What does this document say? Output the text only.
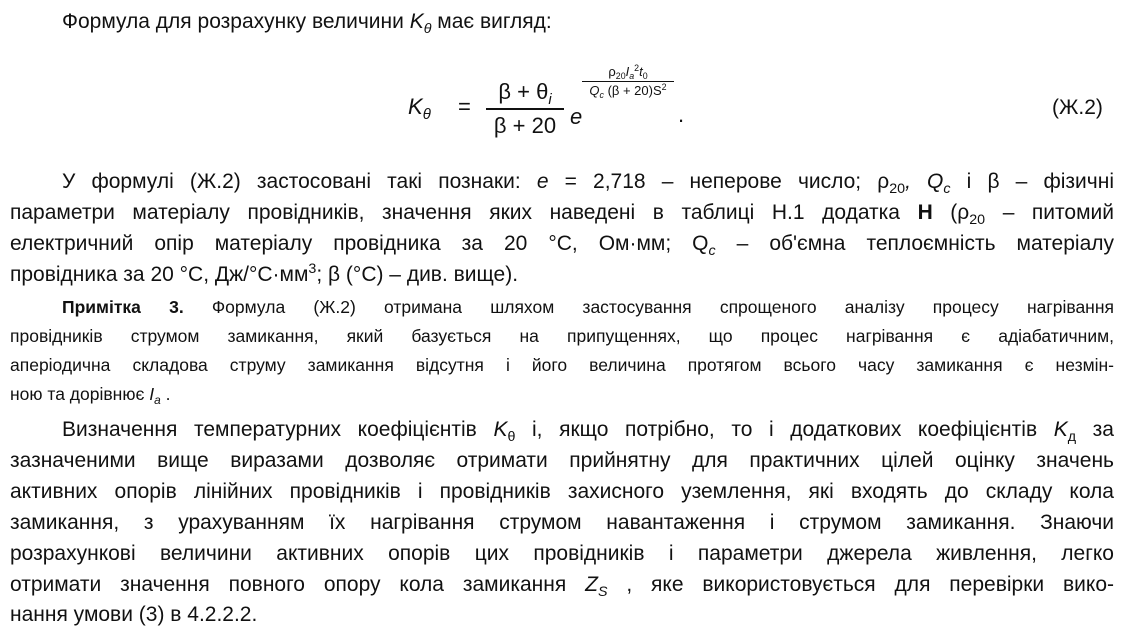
Формула для розрахунку величини $K_\theta$ має вигляд:
$K_\theta$ =
$\beta + \theta_i$
β + 20 e
$\rho_{20}I_a^2t_0$
$Q_c$ $(\beta + 20)S^2$
.	(Ж.2)
У формулі (Ж.2) застосовані такі познаки: e = 2,718 – неперове число; $\rho_{20}$, $Q_c$ і β – фізичні
параметри матеріалу провідників, значення яких наведені в таблиці Н.1 додатка Н ($\rho_{20}$ – питомий
електричний опір матеріалу провідника за 20 °С, Ом·мм; $Q_c$ – об'ємна теплоємність матеріалу
провідника за 20 °С, $Дж/^\circ С\cdot мм^3$; β (°С) – див. вище).
Примітка 3. Формула (Ж.2) отримана шляхом застосування спрощеного аналізу процесу нагрівання
провідників струмом замикання, який базується на припущеннях, що процес нагрівання є адіабатичним,
аперіодична складова струму замикання відсутня і його величина протягом всього часу замикання є незмін-
ною та дорівнює $I_a$ .
Визначення температурних коефіцієнтів $K_\theta$ і, якщо потрібно, то і додаткових коефіцієнтів $K_д$ за
зазначеними вище виразами дозволяє отримати прийнятну для практичних цілей оцінку значень
активних опорів лінійних провідників і провідників захисного уземлення, які входять до складу кола
замикання, з урахуванням їх нагрівання струмом навантаження і струмом замикання. Знаючи
розрахункові величини активних опорів цих провідників і параметри джерела живлення, легко
отримати значення повного опору кола замикання $Z_S$ , яке використовується для перевірки вико-
нання умови (3) в 4.2.2.2.
